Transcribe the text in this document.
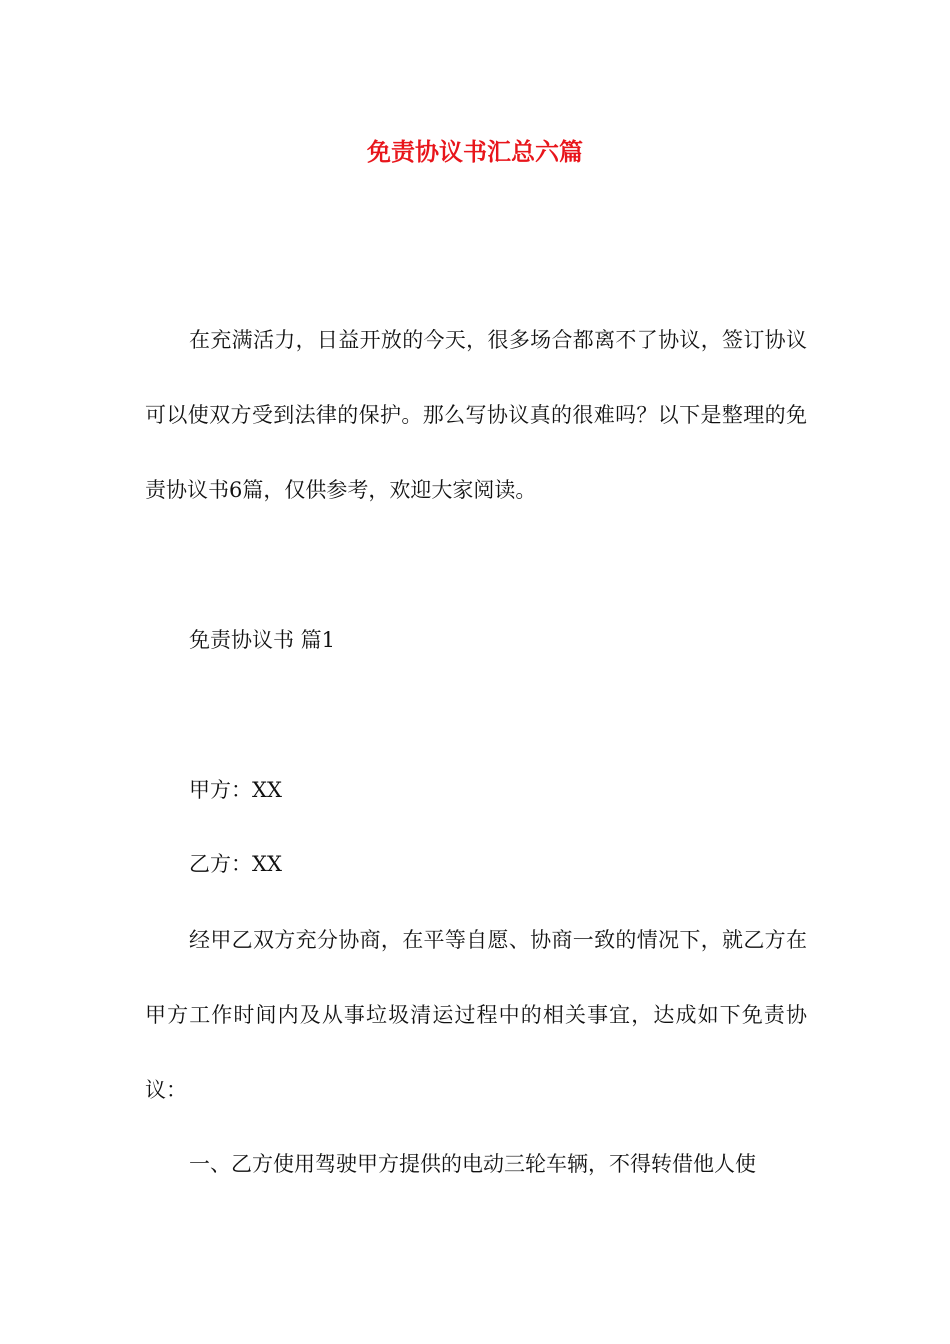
免责协议书汇总六篇

在充满活力，日益开放的今天，很多场合都离不了协议，签订协议可以使双方受到法律的保护。那么写协议真的很难吗？以下是整理的免责协议书6篇，仅供参考，欢迎大家阅读。

免责协议书 篇1

甲方：XX

乙方：XX

经甲乙双方充分协商，在平等自愿、协商一致的情况下，就乙方在甲方工作时间内及从事垃圾清运过程中的相关事宜，达成如下免责协议：

一、乙方使用驾驶甲方提供的电动三轮车辆，不得转借他人使
